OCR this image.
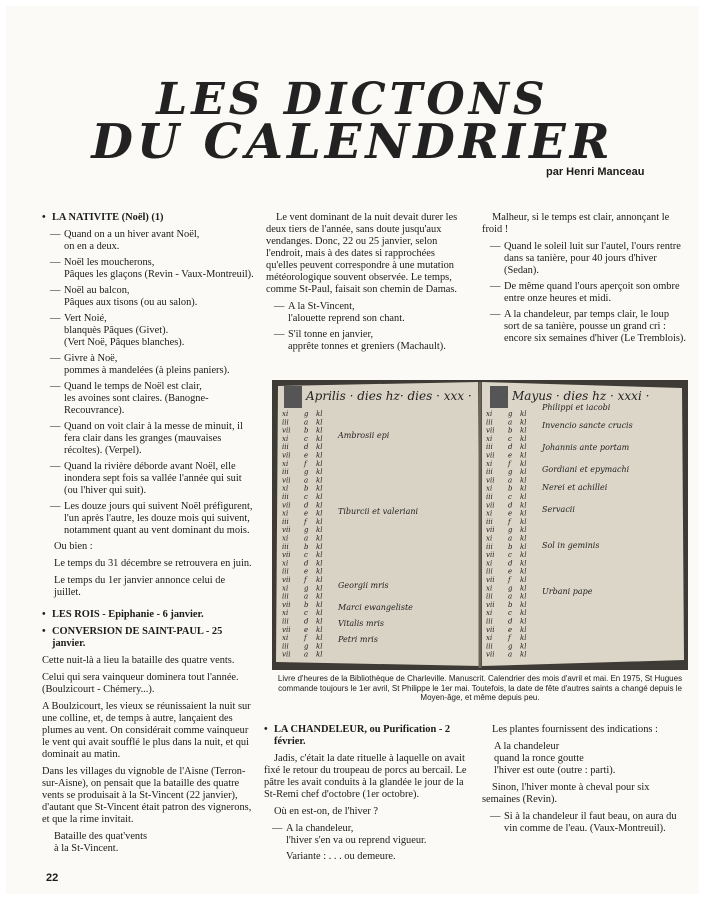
LES DICTONS
DU CALENDRIER
par Henri Manceau
• LA NATIVITE (Noël) (1)
— Quand on a un hiver avant Noël,
on en a deux.
— Noël les moucherons,
Pâques les glaçons (Revin - Vaux-Montreuil).
— Noël au balcon,
Pâques aux tisons (ou au salon).
— Vert Noié,
blanquès Pâques (Givet).
(Vert Noë, Pâques blanches).
— Givre à Noë,
pommes à mandelées (à pleins paniers).
— Quand le temps de Noël est clair,
les avoines sont claires. (Banogne-Recouvrance).
— Quand on voit clair à la messe de minuit, il fera clair dans les granges (mauvaises récoltes). (Verpel).
— Quand la rivière déborde avant Noël, elle inondera sept fois sa vallée l'année qui suit (ou l'hiver qui suit).
— Les douze jours qui suivent Noël préfigurent, l'un après l'autre, les douze mois qui suivent, notamment quant au vent dominant du mois.

Ou bien :

Le temps du 31 décembre se retrouvera en juin.

Le temps du 1er janvier annonce celui de juillet.

• LES ROIS - Epiphanie - 6 janvier.
• CONVERSION DE SAINT-PAUL - 25 janvier.

Cette nuit-là a lieu la bataille des quatre vents.

Celui qui sera vainqueur dominera tout l'année. (Boulzicourt - Chémery...).

A Boulzicourt, les vieux se réunissaient la nuit sur une colline, et, de temps à autre, lançaient des plumes au vent. On considérait comme vainqueur le vent qui avait soufflé le plus dans la nuit, et qui dominait au matin.

Dans les villages du vignoble de l'Aisne (Terron-sur-Aisne), on pensait que la bataille des quatre vents se produisait à la St-Vincent (22 janvier), d'autant que St-Vincent était patron des vignerons, et que la rime invitait.

Bataille des quat'vents

à la St-Vincent.

Le vent dominant de la nuit devait durer les deux tiers de l'année, sans doute jusqu'aux vendanges. Donc, 22 ou 25 janvier, selon l'endroit, mais à des dates si rapprochées qu'elles peuvent correspondre à une mutation météorologique souvent observée. Le temps, comme St-Paul, faisait son chemin de Damas.

— A la St-Vincent,
l'alouette reprend son chant.
— S'il tonne en janvier,
apprête tonnes et greniers (Machault).

Malheur, si le temps est clair, annonçant le froid !

— Quand le soleil luit sur l'autel, l'ours rentre dans sa tanière, pour 40 jours d'hiver (Sedan).
— De même quand l'ours aperçoit son ombre entre onze heures et midi.
— A la chandeleur, par temps clair, le loup sort de sa tanière, pousse un grand cri : encore six semaines d'hiver (Le Tremblois).
Aprilis · dies hz· dies · xxx ·	Mayus · dies hz · xxxi ·
xi g kl
iii a kl
vii b kl
xi c kl
iii d kl
vii e kl
xi f kl
iii g kl
vii a kl
xi b kl
iii c kl
vii d kl
xi e kl
iii f kl
vii g kl
xi a kl
iii b kl
vii c kl
xi d kl
iii e kl
vii f kl
xi g kl
iii a kl
vii b kl
xi c kl
iii d kl
vii e kl
xi f kl
iii g kl
vii a kl
xi g kl
iii a kl
vii b kl
xi c kl
iii d kl
vii e kl
xi f kl
iii g kl
vii a kl
xi b kl
iii c kl
vii d kl
xi e kl
iii f kl
vii g kl
xi a kl
iii b kl
vii c kl
xi d kl
iii e kl
vii f kl
xi g kl
iii a kl
vii b kl
xi c kl
iii d kl
vii e kl
xi f kl
iii g kl
vii a kl
Ambrosii epi
Tiburcii et valeriani
Georgii mris
Marci ewangeliste
Vitalis mris
Petri mris
Philippi et iacobi
Invencio sancte crucis
Johannis ante portam
Gordiani et epymachi
Nerei et achillei
Servacii
Sol in geminis
Urbani pape
Livre d'heures de la Bibliothèque de Charleville. Manuscrit. Calendrier des mois d'avril et mai. En 1975, St Hugues commande toujours le 1er avril, St Philippe le 1er mai. Toutefois, la date de fête d'autres saints a changé depuis le Moyen-âge, et même depuis peu.
• LA CHANDELEUR, ou Purification - 2 février.

Jadis, c'était la date rituelle à laquelle on avait fixé le retour du troupeau de porcs au bercail. Le pâtre les avait conduits à la glandée le jour de la St-Remi chef d'octobre (1er octobre).

Où en est-on, de l'hiver ?

— A la chandeleur,
l'hiver s'en va ou reprend vigueur.
Variante : . . . ou demeure.

Les plantes fournissent des indications :

A la chandeleur
quand la ronce goutte
l'hiver est oute (outre : parti).

Sinon, l'hiver monte à cheval pour six semaines (Revin).

— Si à la chandeleur il faut beau, on aura du vin comme de l'eau. (Vaux-Montreuil).
22
